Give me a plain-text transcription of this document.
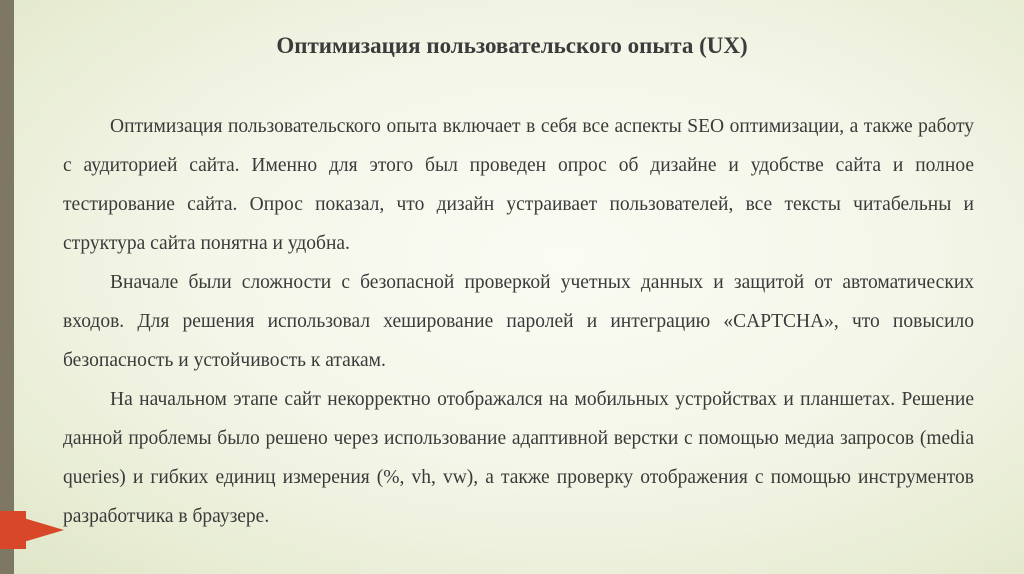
Оптимизация пользовательского опыта (UX)

Оптимизация пользовательского опыта включает в себя все аспекты SEO оптимизации, а также работу с аудиторией сайта. Именно для этого был проведен опрос об дизайне и удобстве сайта и полное тестирование сайта. Опрос показал, что дизайн устраивает пользователей, все тексты читабельны и структура сайта понятна и удобна.

Вначале были сложности с безопасной проверкой учетных данных и защитой от автоматических входов. Для решения использовал хеширование паролей и интеграцию «CAPTCHA», что повысило безопасность и устойчивость к атакам.

На начальном этапе сайт некорректно отображался на мобильных устройствах и планшетах. Решение данной проблемы было решено через использование адаптивной верстки с помощью медиа запросов (media queries) и гибких единиц измерения (%, vh, vw), а также проверку отображения с помощью инструментов разработчика в браузере.
